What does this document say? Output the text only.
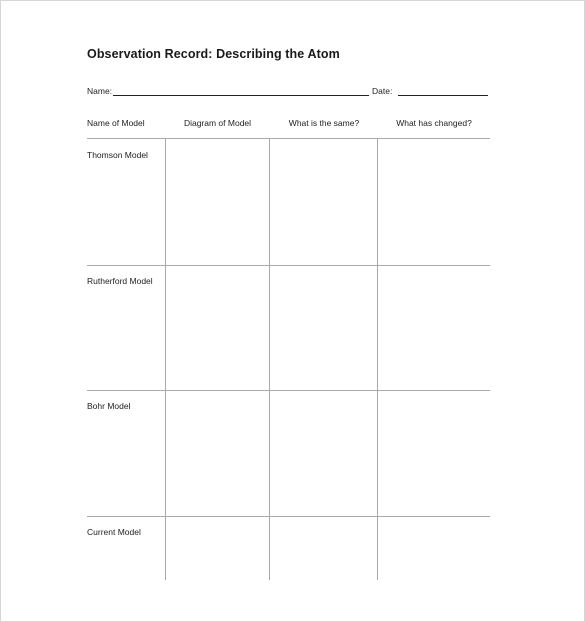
Observation Record: Describing the Atom
Name:	Date:
Name of Model	Diagram of Model	What is the same?	What has changed?
Thomson Model
Rutherford Model
Bohr Model
Current Model
